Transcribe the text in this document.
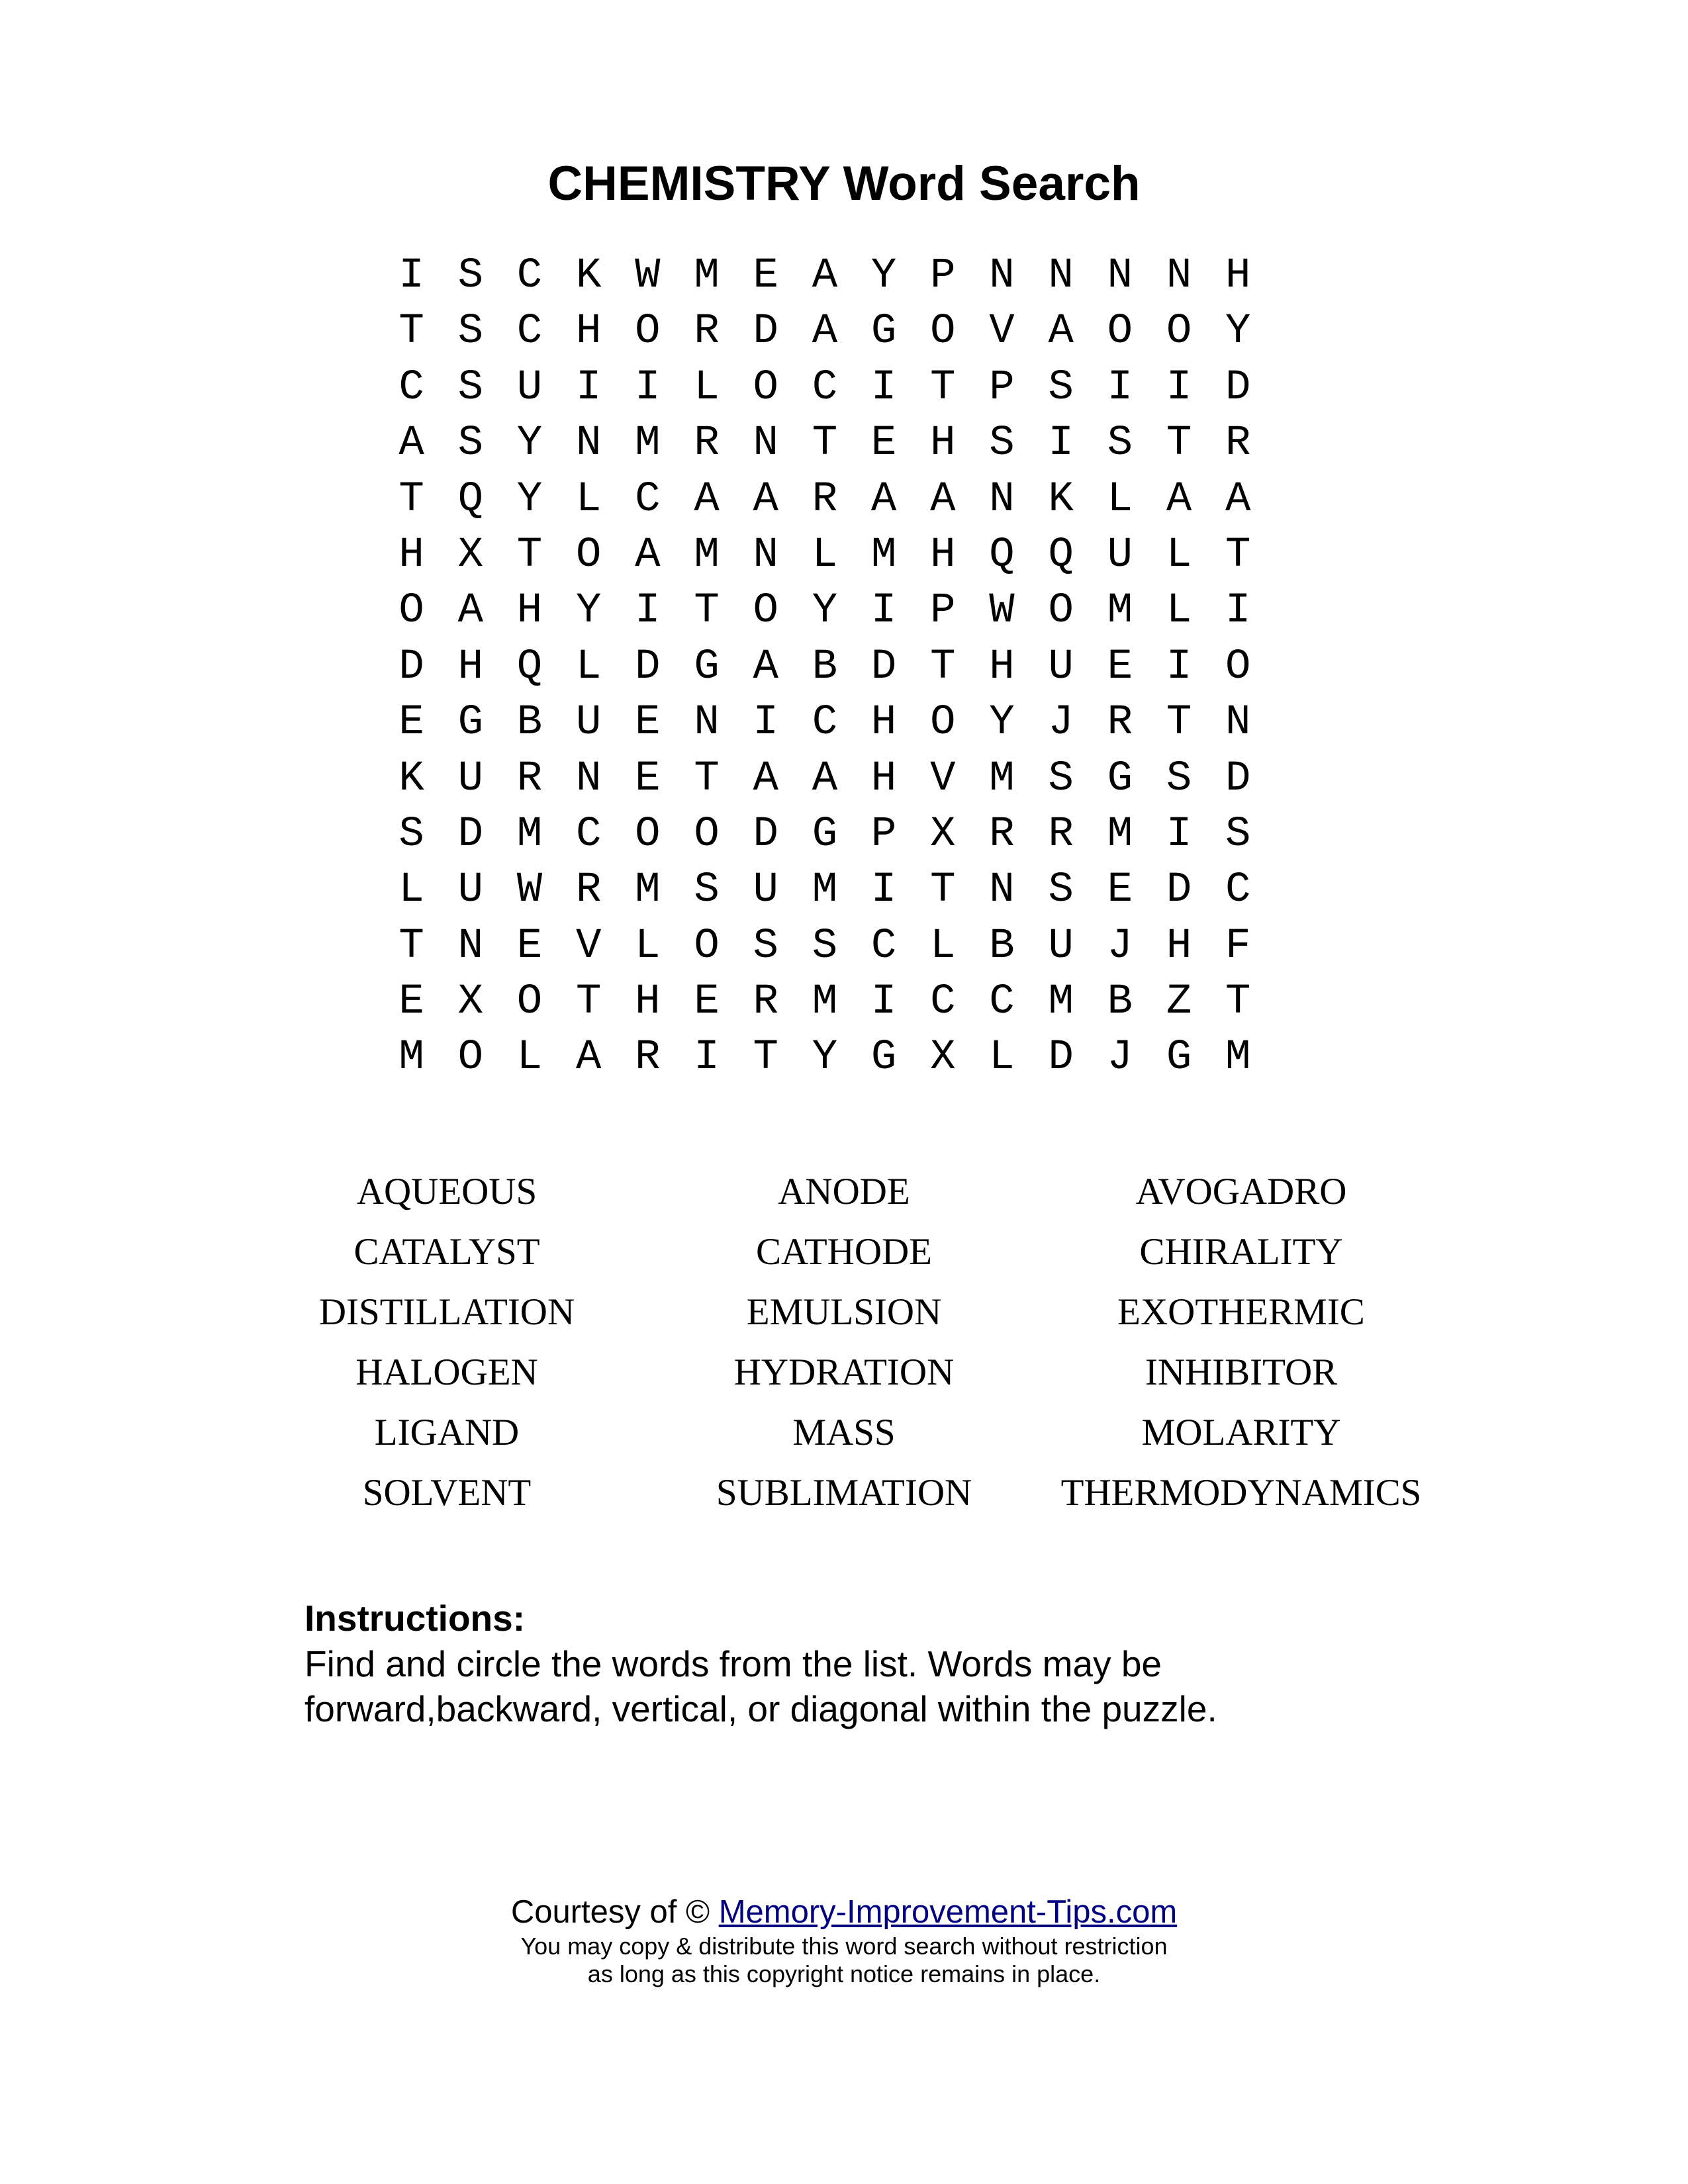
CHEMISTRY Word Search
I S C K W M E A Y P N N N N H
T S C H O R D A G O V A O O Y
C S U I I L O C I T P S I I D
A S Y N M R N T E H S I S T R
T Q Y L C A A R A A N K L A A
H X T O A M N L M H Q Q U L T
O A H Y I T O Y I P W O M L I
D H Q L D G A B D T H U E I O
E G B U E N I C H O Y J R T N
K U R N E T A A H V M S G S D
S D M C O O D G P X R R M I S
L U W R M S U M I T N S E D C
T N E V L O S S C L B U J H F
E X O T H E R M I C C M B Z T
M O L A R I T Y G X L D J G M
AQUEOUS	ANODE	AVOGADRO
CATALYST	CATHODE	CHIRALITY
DISTILLATION	EMULSION	EXOTHERMIC
HALOGEN	HYDRATION	INHIBITOR
LIGAND	MASS	MOLARITY
SOLVENT	SUBLIMATION	THERMODYNAMICS
Instructions:
Find and circle the words from the list. Words may be
forward,backward, vertical, or diagonal within the puzzle.
Courtesy of © Memory-Improvement-Tips.com
You may copy & distribute this word search without restriction
as long as this copyright notice remains in place.
